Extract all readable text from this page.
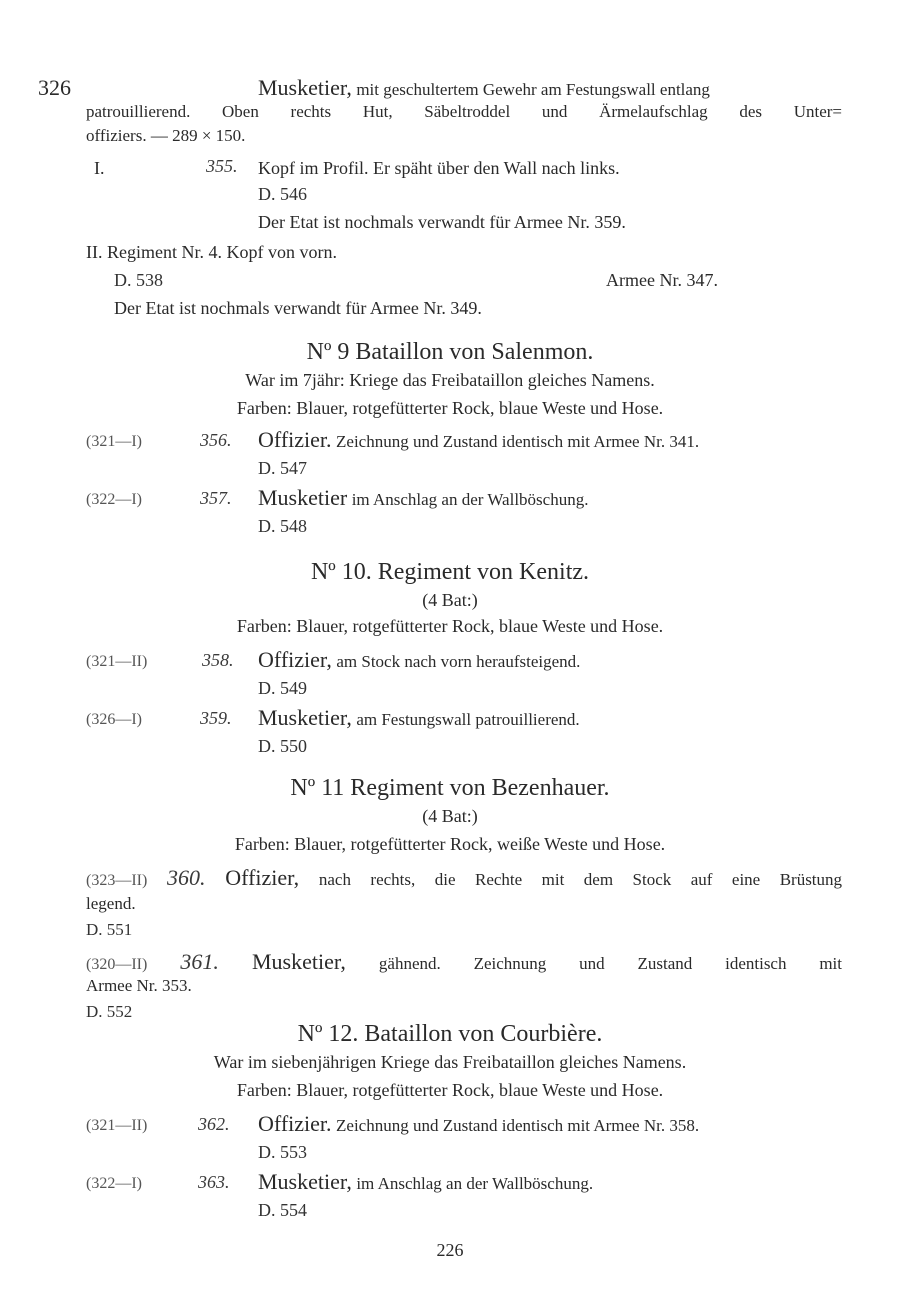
326	Musketier, mit geschultertem Gewehr am Festungswall entlang
patrouillierend. Oben rechts Hut, Säbeltroddel und Ärmelaufschlag des Unter=
offiziers. — 289 × 150.
I.	355. Kopf im Profil. Er späht über den Wall nach links.
D. 546
Der Etat ist nochmals verwandt für Armee Nr. 359.
II. Regiment Nr. 4. Kopf von vorn.
D. 538	Armee Nr. 347.
Der Etat ist nochmals verwandt für Armee Nr. 349.
Nº 9 Bataillon von Salenmon.
War im 7jähr: Kriege das Freibataillon gleiches Namens.
Farben: Blauer, rotgefütterter Rock, blaue Weste und Hose.
(321—I)	356. Offizier. Zeichnung und Zustand identisch mit Armee Nr. 341.
D. 547
(322—I)	357. Musketier im Anschlag an der Wallböschung.
D. 548
Nº 10. Regiment von Kenitz.
(4 Bat:)
Farben: Blauer, rotgefütterter Rock, blaue Weste und Hose.
(321—II)	358. Offizier, am Stock nach vorn heraufsteigend.
D. 549
(326—I)	359. Musketier, am Festungswall patrouillierend.
D. 550
Nº 11 Regiment von Bezenhauer.
(4 Bat:)
Farben: Blauer, rotgefütterter Rock, weiße Weste und Hose.
(323—II) 360. Offizier, nach rechts, die Rechte mit dem Stock auf eine Brüstung
legend.
D. 551
(320—II) 361. Musketier, gähnend. Zeichnung und Zustand identisch mit
Armee Nr. 353.
D. 552
Nº 12. Bataillon von Courbière.
War im siebenjährigen Kriege das Freibataillon gleiches Namens.
Farben: Blauer, rotgefütterter Rock, blaue Weste und Hose.
(321—II)	362. Offizier. Zeichnung und Zustand identisch mit Armee Nr. 358.
D. 553
(322—I)	363. Musketier, im Anschlag an der Wallböschung.
D. 554
226
